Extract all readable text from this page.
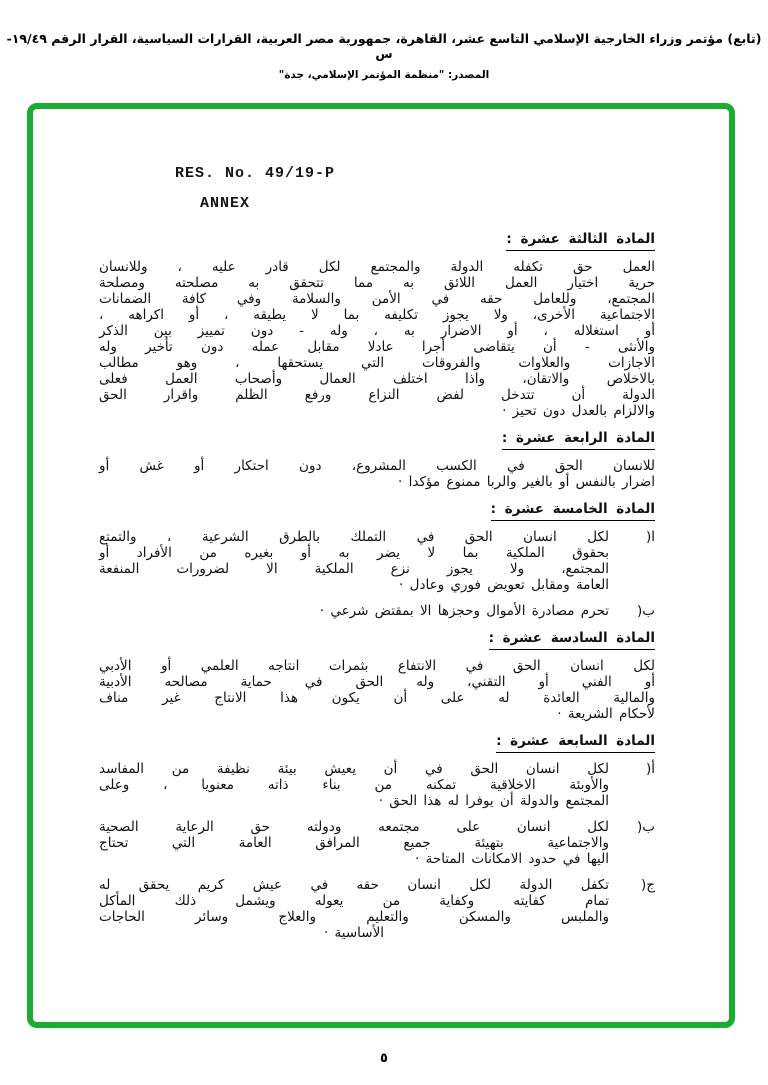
(تابع) مؤتمر وزراء الخارجية الإسلامي التاسع عشر، القاهرة، جمهورية مصر العربية، القرارات السياسية، القرار الرقم ١٩/٤٩-س
المصدر: "منظمة المؤتمر الإسلامي، جدة"
RES. No. 49/19-P
ANNEX
المادة الثالثة عشرة :
العمل حق تكفله الدولة والمجتمع لكل قادر عليه ، وللانسان
حرية اختيار العمل اللائق به مما تتحقق به مصلحته ومصلحة
المجتمع، وللعامل حقه في الأمن والسلامة وفي كافة الضمانات
الاجتماعية الأخرى، ولا يجوز تكليفه بما لا يطيقه ، أو اكراهه ،
أو استغلاله ، أو الاضرار به ، وله - دون تمييز بين الذكر
والأنثى - أن يتقاضى أجرا عادلا مقابل عمله دون تأخير وله
الاجازات والعلاوات والفروقات التي يستحقها ، وهو مطالب
بالاخلاص والاتقان، واذا اختلف العمال وأصحاب العمل فعلى
الدولة أن تتدخل لفض النزاع ورفع الظلم واقرار الحق
والالزام بالعدل دون تحيز ·
المادة الرابعة عشرة :
للانسان الحق في الكسب المشروع، دون احتكار أو غش أو
اضرار بالنفس أو بالغير والربا ممنوع مؤكدا ·
المادة الخامسة عشرة :
)ا
لكل انسان الحق في التملك بالطرق الشرعية ، والتمتع
بحقوق الملكية بما لا يضر به أو بغيره من الأفراد أو
المجتمع، ولا يجوز نزع الملكية الا لضرورات المنفعة
العامة ومقابل تعويض فوري وعادل ·
)ب
تحرم مصادرة الأموال وحجزها الا بمقتض شرعي ·
المادة السادسة عشرة :
لكل انسان الحق في الانتفاع بثمرات انتاجه العلمي أو الأدبي
أو الفني أو التقني، وله الحق في حماية مصالحه الأدبية
والمالية العائدة له على أن يكون هذا الانتاج غير مناف
لأحكام الشريعة ·
المادة السابعة عشرة :
)أ
لكل انسان الحق في أن يعيش بيئة نظيفة من المفاسد
والأوبئة الاخلاقية تمكنه من بناء ذاته معنويا ، وعلى
المجتمع والدولة أن يوفرا له هذا الحق ·
)ب
لكل انسان على مجتمعه ودولته حق الرعاية الصحية
والاجتماعية بتهيئة جميع المرافق العامة التي تحتاج
اليها في حدود الامكانات المتاحة ·
)ج
تكفل الدولة لكل انسان حقه في عيش كريم يحقق له
تمام كفايته وكفاية من يعوله ويشمل ذلك المأكل
والملبس والمسكن والتعليم والعلاج وسائر الحاجات
الأساسية ·
٥
